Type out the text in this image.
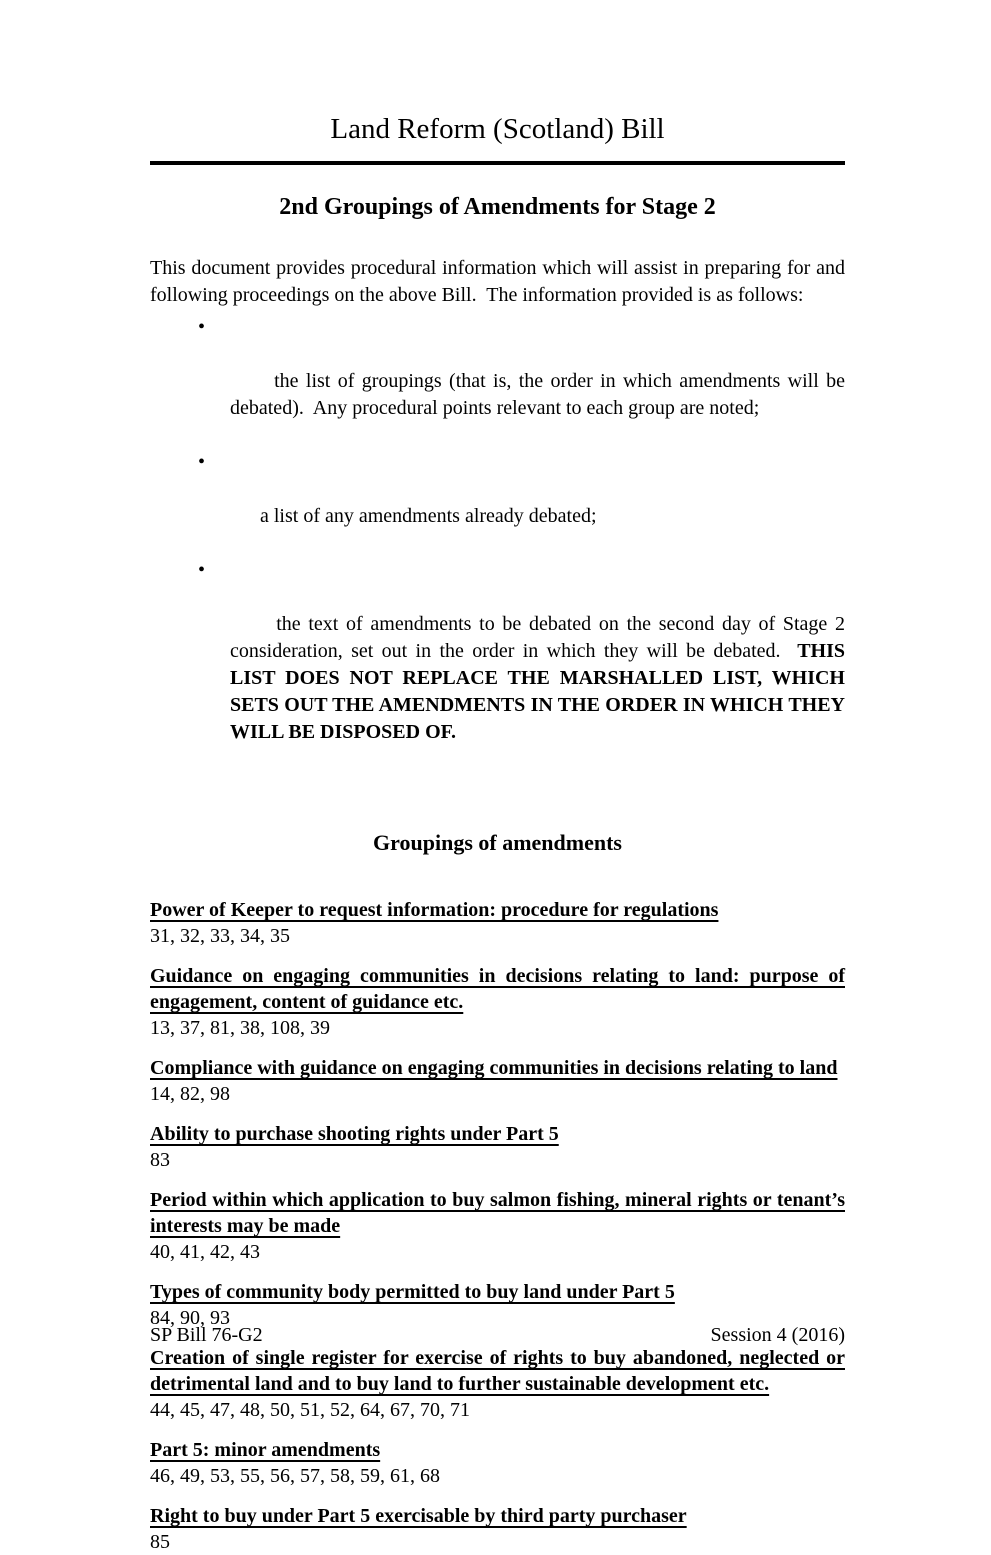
Land Reform (Scotland) Bill
2nd Groupings of Amendments for Stage 2

This document provides procedural information which will assist in preparing for and following proceedings on the above Bill.  The information provided is as follows:

•

the list of groupings (that is, the order in which amendments will be debated).  Any procedural points relevant to each group are noted;

•

a list of any amendments already debated;

•

the text of amendments to be debated on the second day of Stage 2 consideration, set out in the order in which they will be debated.  THIS LIST DOES NOT REPLACE THE MARSHALLED LIST, WHICH SETS OUT THE AMENDMENTS IN THE ORDER IN WHICH THEY WILL BE DISPOSED OF.

Groupings of amendments
Power of Keeper to request information: procedure for regulations
31, 32, 33, 34, 35
Guidance on engaging communities in decisions relating to land: purpose of engagement, content of guidance etc.
13, 37, 81, 38, 108, 39
Compliance with guidance on engaging communities in decisions relating to land
14, 82, 98
Ability to purchase shooting rights under Part 5
83
Period within which application to buy salmon fishing, mineral rights or tenant’s interests may be made
40, 41, 42, 43
Types of community body permitted to buy land under Part 5
84, 90, 93
Creation of single register for exercise of rights to buy abandoned, neglected or detrimental land and to buy land to further sustainable development etc.
44, 45, 47, 48, 50, 51, 52, 64, 67, 70, 71
Part 5: minor amendments
46, 49, 53, 55, 56, 57, 58, 59, 61, 68
Right to buy under Part 5 exercisable by third party purchaser
85
SP Bill 76-G2	Session 4 (2016)
